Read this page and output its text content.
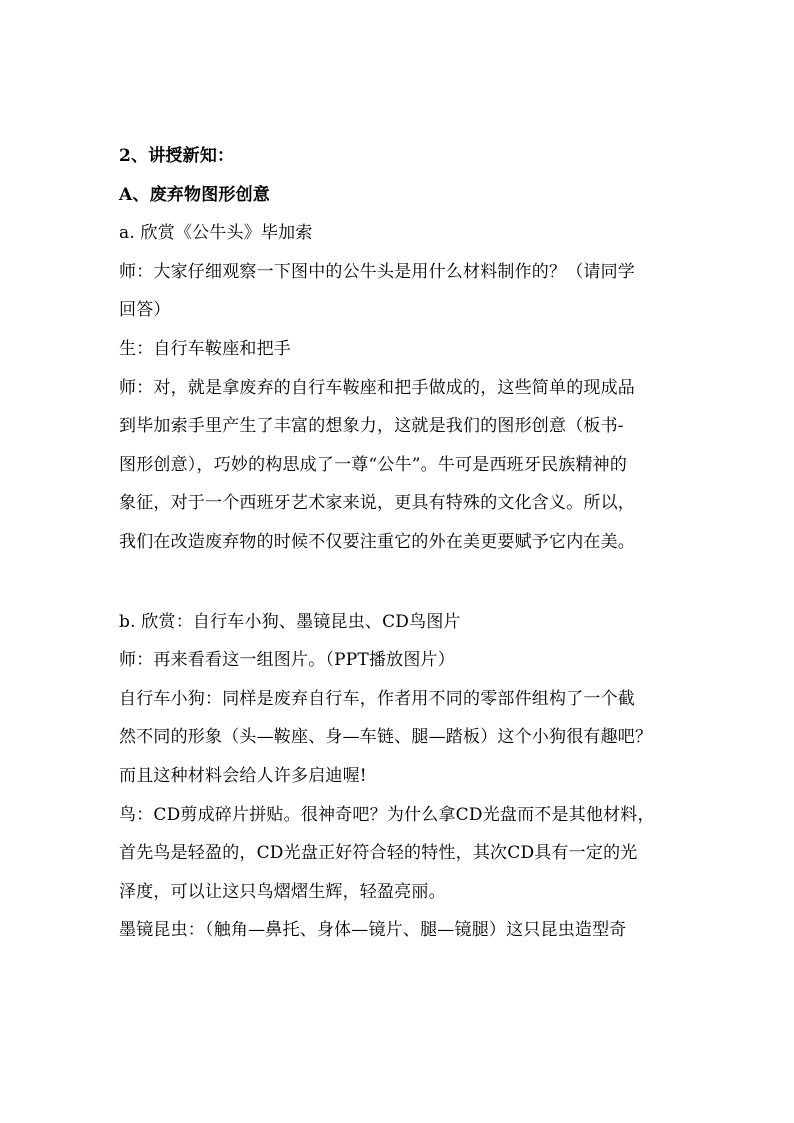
2、讲授新知：
A、废弃物图形创意
a. 欣赏《公牛头》毕加索
师：大家仔细观察一下图中的公牛头是用什么材料制作的？（请同学
回答）
生：自行车鞍座和把手
师：对，就是拿废弃的自行车鞍座和把手做成的，这些简单的现成品
到毕加索手里产生了丰富的想象力，这就是我们的图形创意（板书-
图形创意），巧妙的构思成了一尊“公牛”。牛可是西班牙民族精神的
象征，对于一个西班牙艺术家来说，更具有特殊的文化含义。所以，
我们在改造废弃物的时候不仅要注重它的外在美更要赋予它内在美。
b. 欣赏：自行车小狗、墨镜昆虫、CD鸟图片
师：再来看看这一组图片。（PPT播放图片）
自行车小狗：同样是废弃自行车，作者用不同的零部件组构了一个截
然不同的形象（头—鞍座、身—车链、腿—踏板）这个小狗很有趣吧？
而且这种材料会给人许多启迪喔!
鸟：CD剪成碎片拼贴。很神奇吧？为什么拿CD光盘而不是其他材料，
首先鸟是轻盈的，CD光盘正好符合轻的特性，其次CD具有一定的光
泽度，可以让这只鸟熠熠生辉，轻盈亮丽。
墨镜昆虫：（触角—鼻托、身体—镜片、腿—镜腿）这只昆虫造型奇
